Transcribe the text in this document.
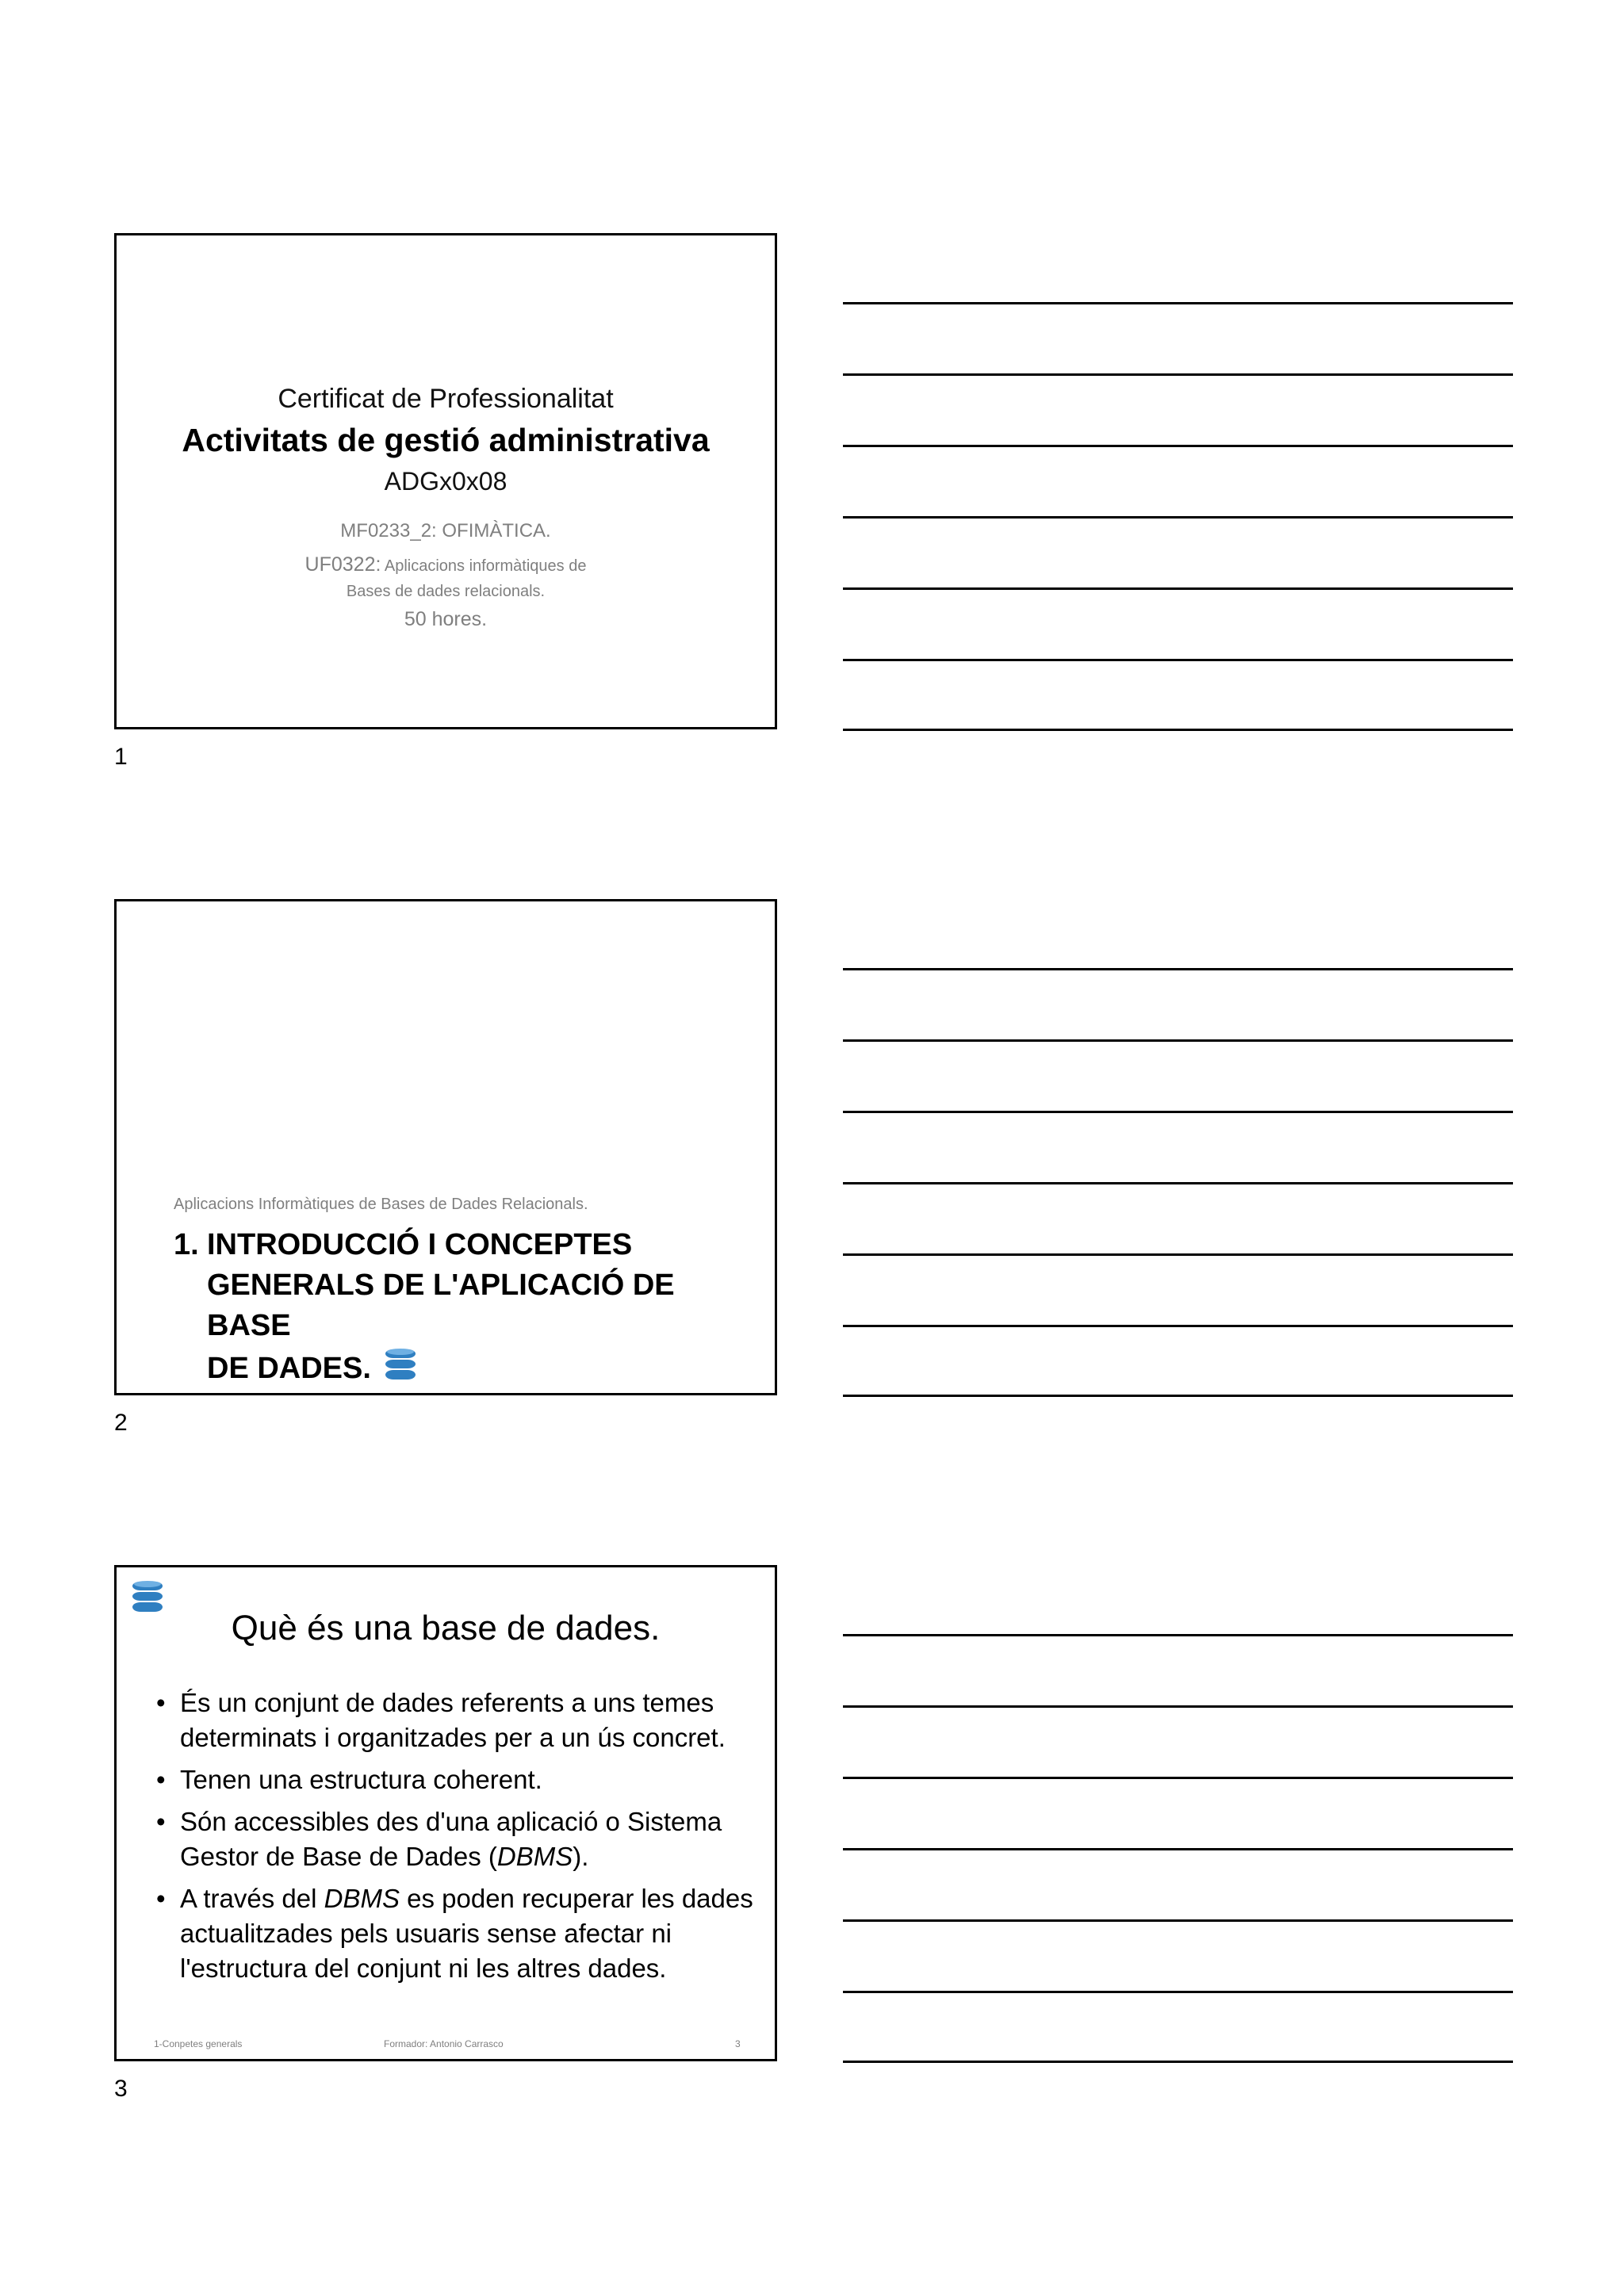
Certificat de Professionalitat
Activitats de gestió administrativa
ADGx0x08
MF0233_2: OFIMÀTICA.
UF0322: Aplicacions informàtiques de
Bases de dades relacionals.
50 hores.
1
Aplicacions Informàtiques de Bases de Dades Relacionals.
1. INTRODUCCIÓ I CONCEPTES
GENERALS DE L'APLICACIÓ DE BASE
DE DADES.
2
Què és una base de dades.
• És un conjunt de dades referents a uns temes determinats i organitzades per a un ús concret.
• Tenen una estructura coherent.
• Són accessibles des d'una aplicació o Sistema Gestor de Base de Dades (DBMS).
• A través del DBMS es poden recuperar les dades actualitzades pels usuaris sense afectar ni l'estructura del conjunt ni les altres dades.
1-Conpetes generals	Formador: Antonio Carrasco	3
3
